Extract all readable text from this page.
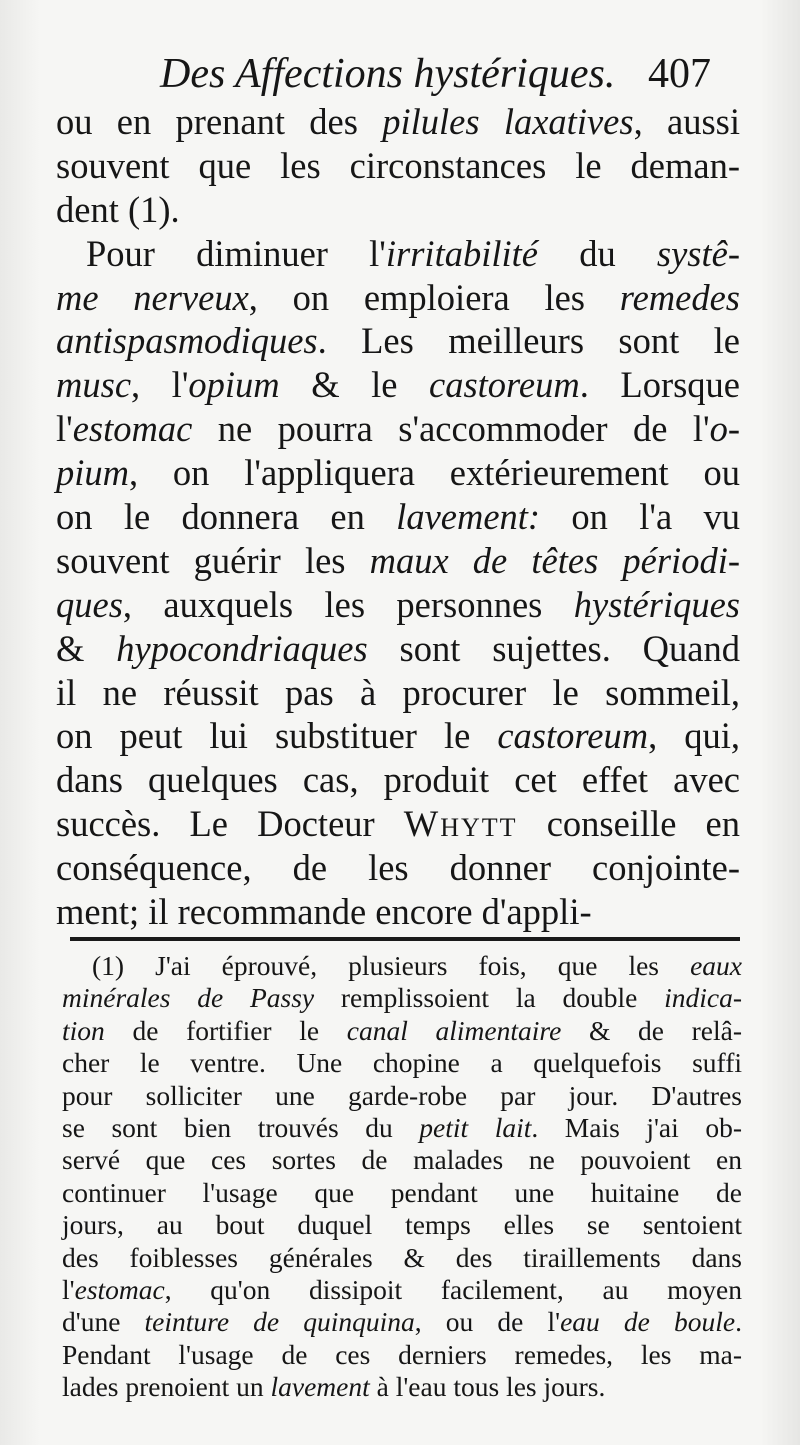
Des Affections hystériques. 407
ou en prenant des pilules laxatives, aussi
souvent que les circonstances le deman-
dent (1).
Pour diminuer l'irritabilité du systê-
me nerveux, on emploiera les remedes
antispasmodiques. Les meilleurs sont le
musc, l'opium & le castoreum. Lorsque
l'estomac ne pourra s'accommoder de l'o-
pium, on l'appliquera extérieurement ou
on le donnera en lavement: on l'a vu
souvent guérir les maux de têtes périodi-
ques, auxquels les personnes hystériques
& hypocondriaques sont sujettes. Quand
il ne réussit pas à procurer le sommeil,
on peut lui substituer le castoreum, qui,
dans quelques cas, produit cet effet avec
succès. Le Docteur Whytt conseille en
conséquence, de les donner conjointe-
ment; il recommande encore d'appli-
(1) J'ai éprouvé, plusieurs fois, que les eaux
minérales de Passy remplissoient la double indica-
tion de fortifier le canal alimentaire & de relâ-
cher le ventre. Une chopine a quelquefois suffi
pour solliciter une garde-robe par jour. D'autres
se sont bien trouvés du petit lait. Mais j'ai ob-
servé que ces sortes de malades ne pouvoient en
continuer l'usage que pendant une huitaine de
jours, au bout duquel temps elles se sentoient
des foiblesses générales & des tiraillements dans
l'estomac, qu'on dissipoit facilement, au moyen
d'une teinture de quinquina, ou de l'eau de boule.
Pendant l'usage de ces derniers remedes, les ma-
lades prenoient un lavement à l'eau tous les jours.
